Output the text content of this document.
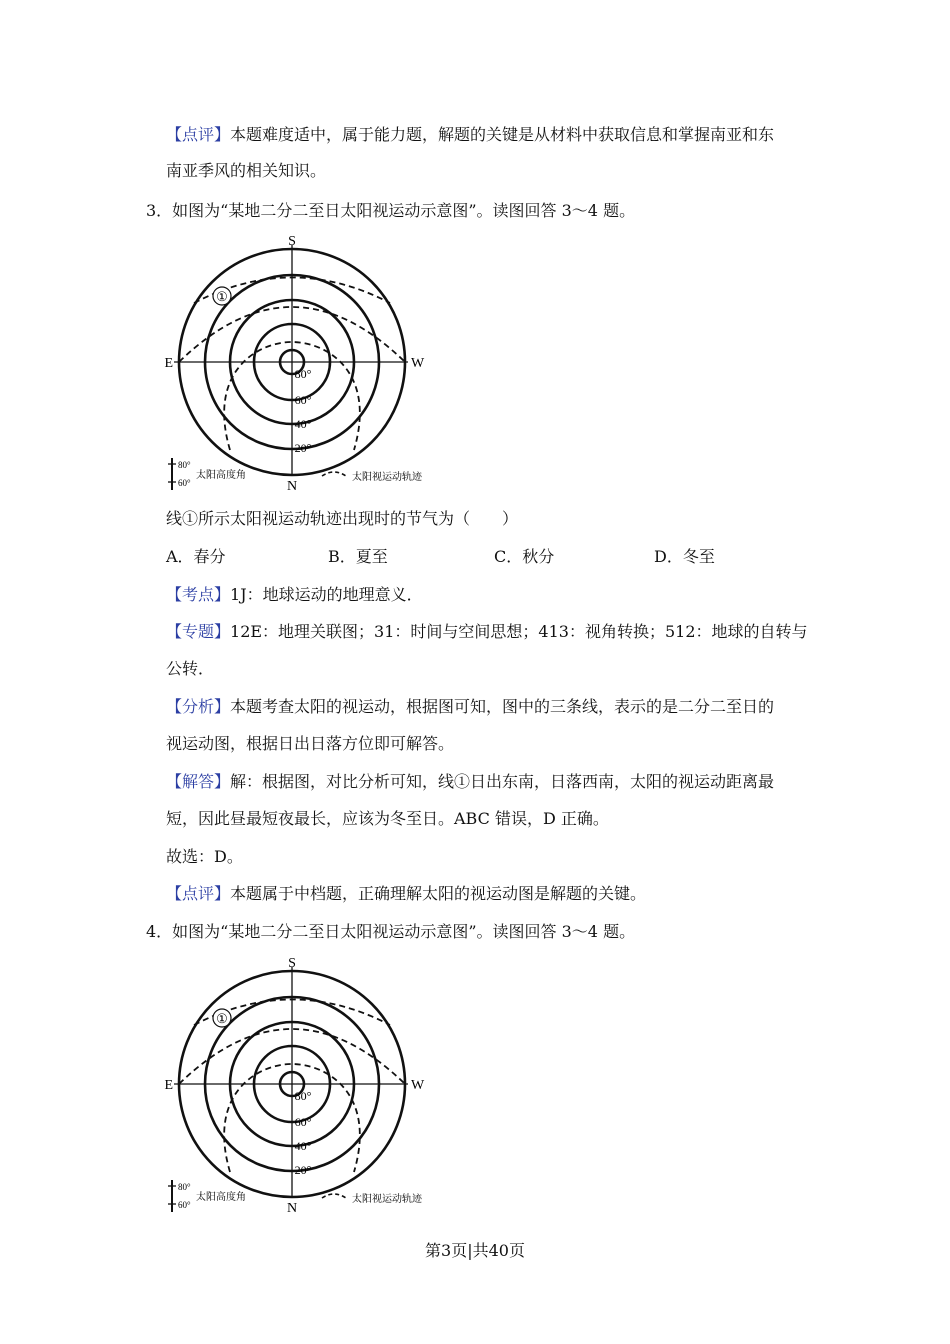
【点评】本题难度适中，属于能力题，解题的关键是从材料中获取信息和掌握南亚和东
南亚季风的相关知识。
3．如图为“某地二分二至日太阳视运动示意图”。读图回答 3～4 题。
①
S
N
E	W
80°
60°
40°
20°
80°
60°
太阳高度角	太阳视运动轨迹
线①所示太阳视运动轨迹出现时的节气为（　　）
A．春分	B．夏至	C．秋分	D．冬至
【考点】1J：地球运动的地理意义．
【专题】12E：地理关联图；31：时间与空间思想；413：视角转换；512：地球的自转与
公转．
【分析】本题考查太阳的视运动，根据图可知，图中的三条线，表示的是二分二至日的
视运动图，根据日出日落方位即可解答。
【解答】解：根据图，对比分析可知，线①日出东南，日落西南，太阳的视运动距离最
短，因此昼最短夜最长，应该为冬至日。ABC 错误，D 正确。
故选：D。
【点评】本题属于中档题，正确理解太阳的视运动图是解题的关键。
4．如图为“某地二分二至日太阳视运动示意图”。读图回答 3～4 题。
①
S
N
E	W
80°
60°
40°
20°
80°
60°
太阳高度角	太阳视运动轨迹
第3页|共40页
